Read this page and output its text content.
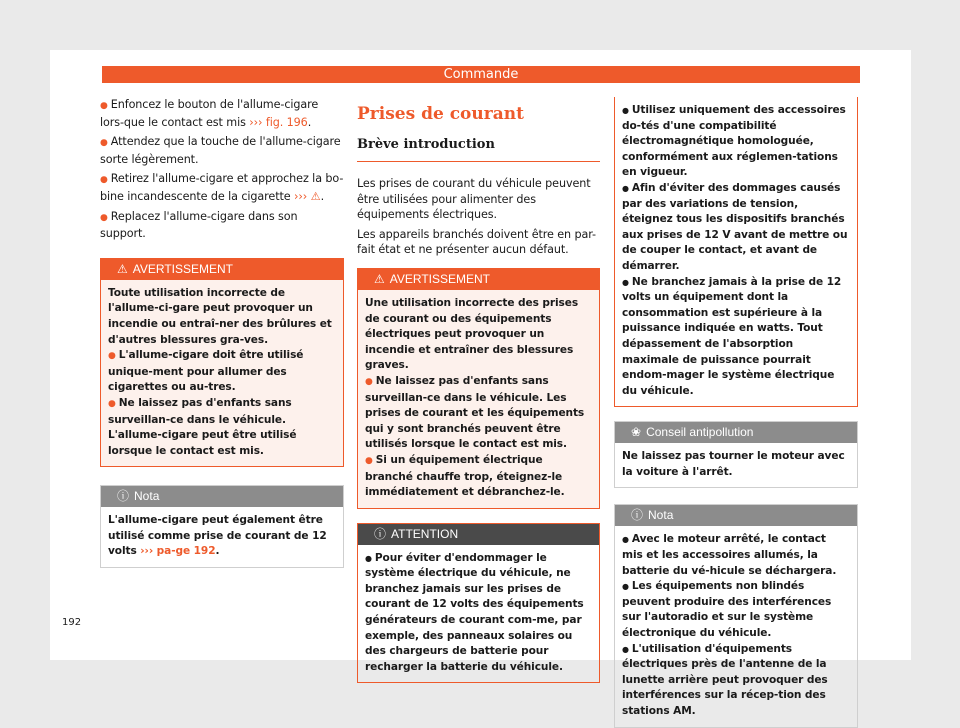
Commande

● Enfoncez le bouton de l'allume-cigare lors-que le contact est mis ››› fig. 196.

● Attendez que la touche de l'allume-cigare sorte légèrement.

● Retirez l'allume-cigare et approchez la bo-bine incandescente de la cigarette ››› ⚠.

● Replacez l'allume-cigare dans son support.

⚠ AVERTISSEMENT

Toute utilisation incorrecte de l'allume-ci-gare peut provoquer un incendie ou entraî-ner des brûlures et d'autres blessures gra-ves.

● L'allume-cigare doit être utilisé unique-ment pour allumer des cigarettes ou au-tres.

● Ne laissez pas d'enfants sans surveillan-ce dans le véhicule. L'allume-cigare peut être utilisé lorsque le contact est mis.

ⓘ Nota

L'allume-cigare peut également être utilisé comme prise de courant de 12 volts ››› pa-ge 192.

Prises de courant
Brève introduction

Les prises de courant du véhicule peuvent être utilisées pour alimenter des équipements électriques.

Les appareils branchés doivent être en par-fait état et ne présenter aucun défaut.

⚠ AVERTISSEMENT

Une utilisation incorrecte des prises de courant ou des équipements électriques peut provoquer un incendie et entraîner des blessures graves.

● Ne laissez pas d'enfants sans surveillan-ce dans le véhicule. Les prises de courant et les équipements qui y sont branchés peuvent être utilisés lorsque le contact est mis.

● Si un équipement électrique branché chauffe trop, éteignez-le immédiatement et débranchez-le.

ⓘ ATTENTION

● Pour éviter d'endommager le système électrique du véhicule, ne branchez jamais sur les prises de courant de 12 volts des équipements générateurs de courant com-me, par exemple, des panneaux solaires ou des chargeurs de batterie pour recharger la batterie du véhicule.

● Utilisez uniquement des accessoires do-tés d'une compatibilité électromagnétique homologuée, conformément aux réglemen-tations en vigueur.

● Afin d'éviter des dommages causés par des variations de tension, éteignez tous les dispositifs branchés aux prises de 12 V avant de mettre ou de couper le contact, et avant de démarrer.

● Ne branchez jamais à la prise de 12 volts un équipement dont la consommation est supérieure à la puissance indiquée en watts. Tout dépassement de l'absorption maximale de puissance pourrait endom-mager le système électrique du véhicule.

❀ Conseil antipollution

Ne laissez pas tourner le moteur avec la voiture à l'arrêt.

ⓘ Nota

● Avec le moteur arrêté, le contact mis et les accessoires allumés, la batterie du vé-hicule se déchargera.

● Les équipements non blindés peuvent produire des interférences sur l'autoradio et sur le système électronique du véhicule.

● L'utilisation d'équipements électriques près de l'antenne de la lunette arrière peut provoquer des interférences sur la récep-tion des stations AM.

192
